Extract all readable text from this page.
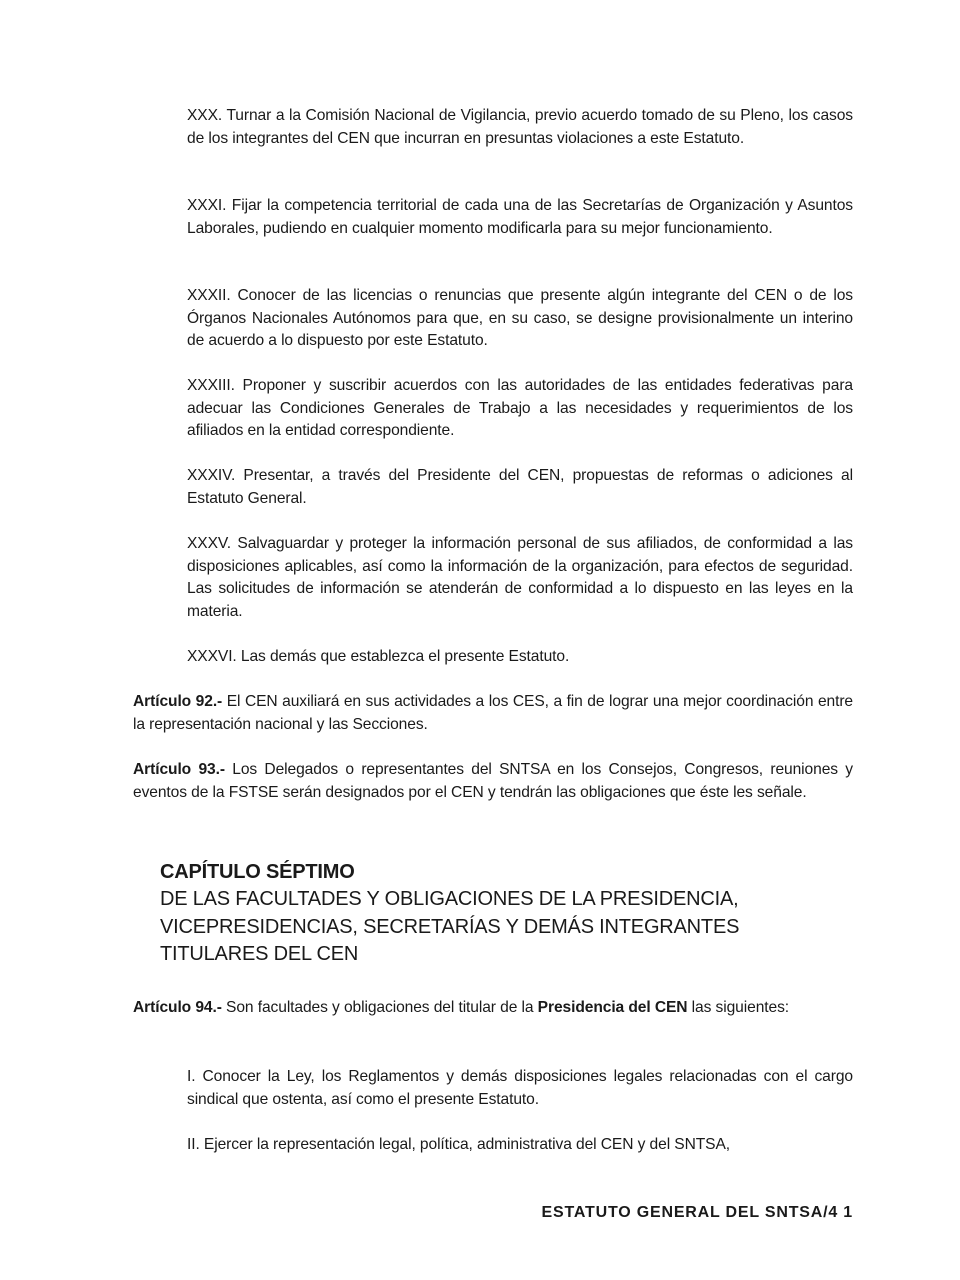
XXX. Turnar a la Comisión Nacional de Vigilancia, previo acuerdo tomado de su Pleno, los casos de los integrantes del CEN que incurran en presuntas violaciones a este Estatuto.

XXXI. Fijar la competencia territorial de cada una de las Secretarías de Organización y Asuntos Laborales, pudiendo en cualquier momento modificarla para su mejor funcionamiento.

XXXII. Conocer de las licencias o renuncias que presente algún integrante del CEN o de los Órganos Nacionales Autónomos para que, en su caso, se designe provisionalmente un interino de acuerdo a lo dispuesto por este Estatuto.

XXXIII. Proponer y suscribir acuerdos con las autoridades de las entidades federativas para adecuar las Condiciones Generales de Trabajo a las necesidades y requerimientos de los afiliados en la entidad correspondiente.

XXXIV. Presentar, a través del Presidente del CEN, propuestas de reformas o adiciones al Estatuto General.

XXXV. Salvaguardar y proteger la información personal de sus afiliados, de conformidad a las disposiciones aplicables, así como la información de la organización, para efectos de seguridad. Las solicitudes de información se atenderán de conformidad a lo dispuesto en las leyes en la materia.

XXXVI. Las demás que establezca el presente Estatuto.

Artículo 92.- El CEN auxiliará en sus actividades a los CES, a fin de lograr una mejor coordinación entre la representación nacional y las Secciones.

Artículo 93.- Los Delegados o representantes del SNTSA en los Consejos, Congresos, reuniones y eventos de la FSTSE serán designados por el CEN y tendrán las obligaciones que éste les señale.

CAPÍTULO SÉPTIMO
DE LAS FACULTADES Y OBLIGACIONES DE LA PRESIDENCIA,
VICEPRESIDENCIAS, SECRETARÍAS Y DEMÁS INTEGRANTES
TITULARES DEL CEN

Artículo 94.- Son facultades y obligaciones del titular de la Presidencia del CEN las siguientes:

I. Conocer la Ley, los Reglamentos y demás disposiciones legales relacionadas con el cargo sindical que ostenta, así como el presente Estatuto.

II. Ejercer la representación legal, política, administrativa del CEN y del SNTSA,

ESTATUTO GENERAL DEL SNTSA/4 1
